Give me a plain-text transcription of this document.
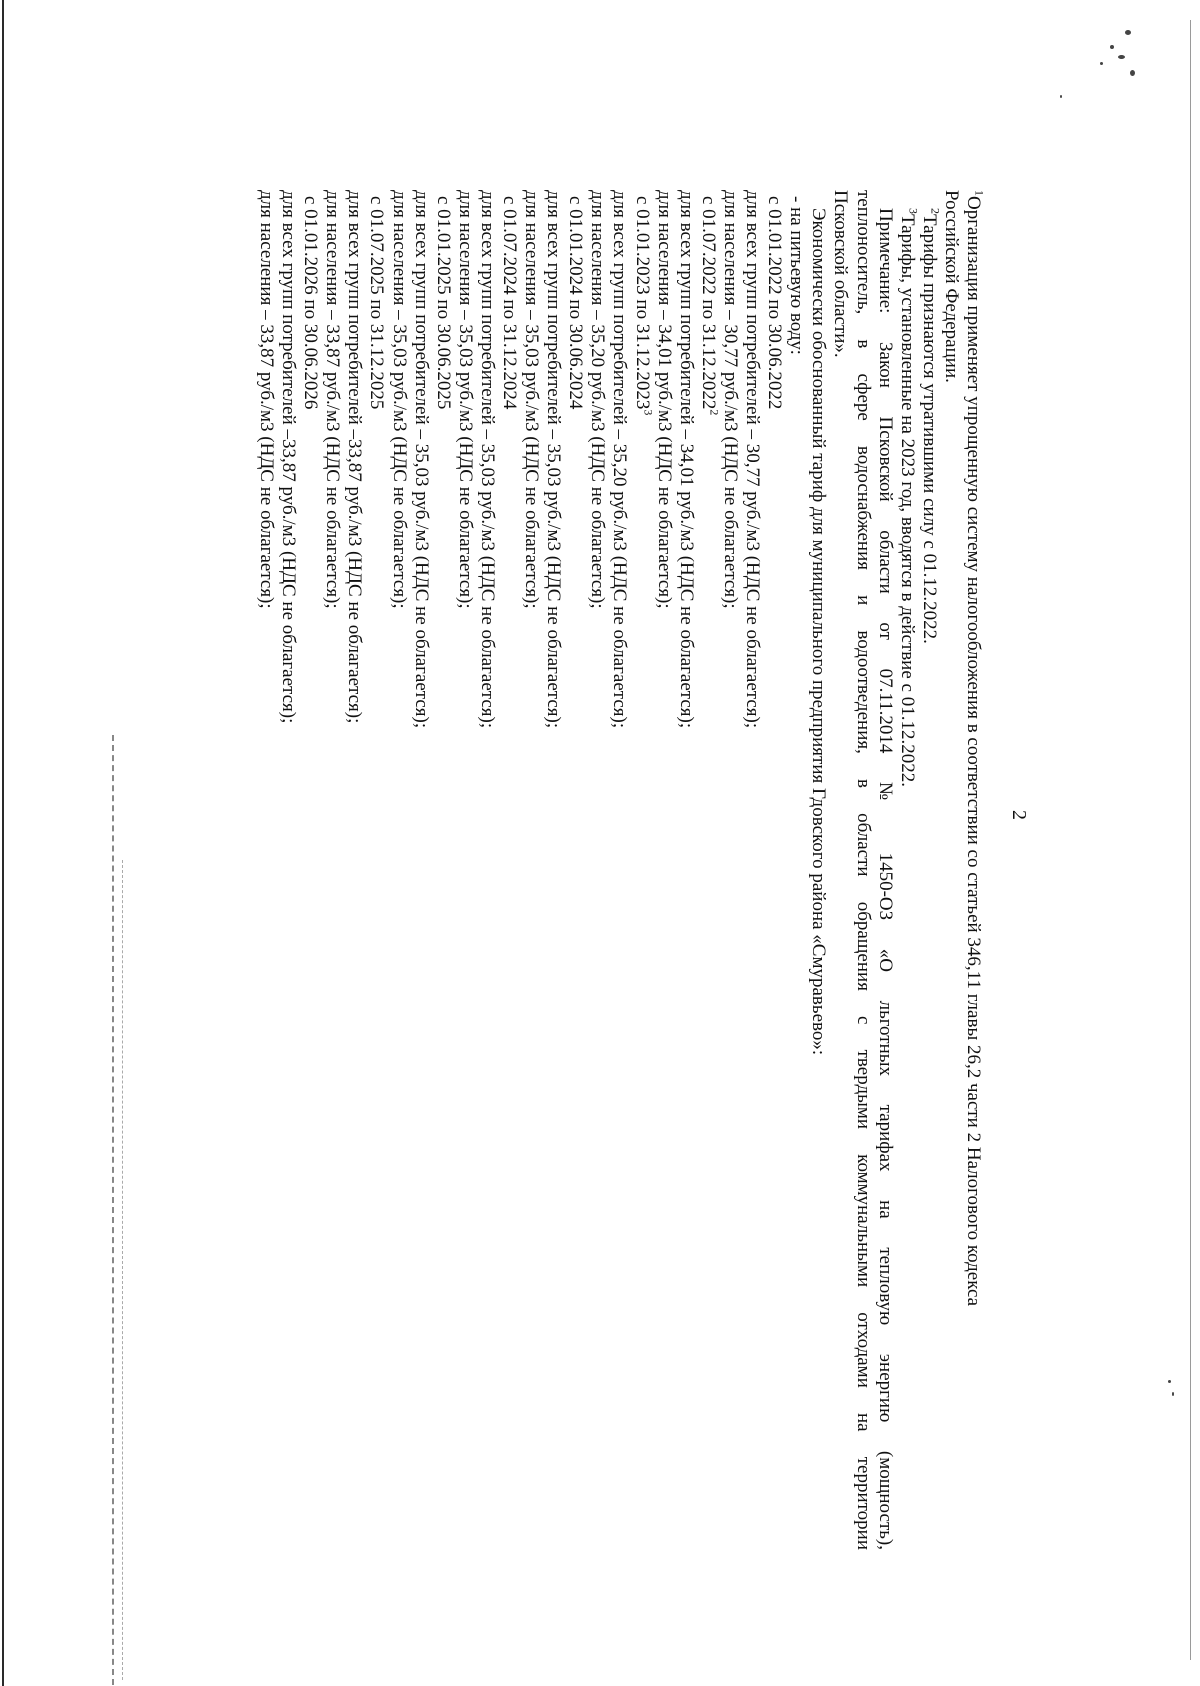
2

$^1$Организация применяет упрощенную систему налогообложения в соответствии со статьей 346,11 главы 26,2 части 2 Налогового кодекса

Российской Федерации.

$^2$Тарифы признаются утратившими силу с 01.12.2022.

$^3$Тарифы, установленные на 2023 год, вводятся в действие с 01.12.2022.

Примечание: Закон Псковской области от 07.11.2014 № 1450-ОЗ «О льготных тарифах на тепловую энергию (мощность),

теплоноситель, в сфере водоснабжения и водоотведения, в области обращения с твердыми коммунальными отходами на территории

Псковской области».

Экономически обоснованный тариф для муниципального предприятия Гдовского района «Смуравьево»:

- на питьевую воду:

с 01.01.2022 по 30.06.2022

для всех групп потребителей – 30,77 руб./м3 (НДС не облагается);

для населения – 30,77 руб./м3 (НДС не облагается);

с 01.07.2022 по 31.12.2022$^2$

для всех групп потребителей – 34,01 руб./м3 (НДС не облагается);

для населения – 34,01 руб./м3 (НДС не облагается);

с 01.01.2023 по 31.12.2023$^3$

для всех групп потребителей – 35,20 руб./м3 (НДС не облагается);

для населения – 35,20 руб./м3 (НДС не облагается);

с 01.01.2024 по 30.06.2024

для всех групп потребителей – 35,03 руб./м3 (НДС не облагается);

для населения – 35,03 руб./м3 (НДС не облагается);

с 01.07.2024 по 31.12.2024

для всех групп потребителей – 35,03 руб./м3 (НДС не облагается);

для населения – 35,03 руб./м3 (НДС не облагается);

с 01.01.2025 по 30.06.2025

для всех групп потребителей – 35,03 руб./м3 (НДС не облагается);

для населения – 35,03 руб./м3 (НДС не облагается);

с 01.07.2025 по 31.12.2025

для всех групп потребителей –33,87 руб./м3 (НДС не облагается);

для населения – 33,87 руб./м3 (НДС не облагается);

с 01.01.2026 по 30.06.2026

для всех групп потребителей –33,87 руб./м3 (НДС не облагается);

для населения – 33,87 руб./м3 (НДС не облагается);
